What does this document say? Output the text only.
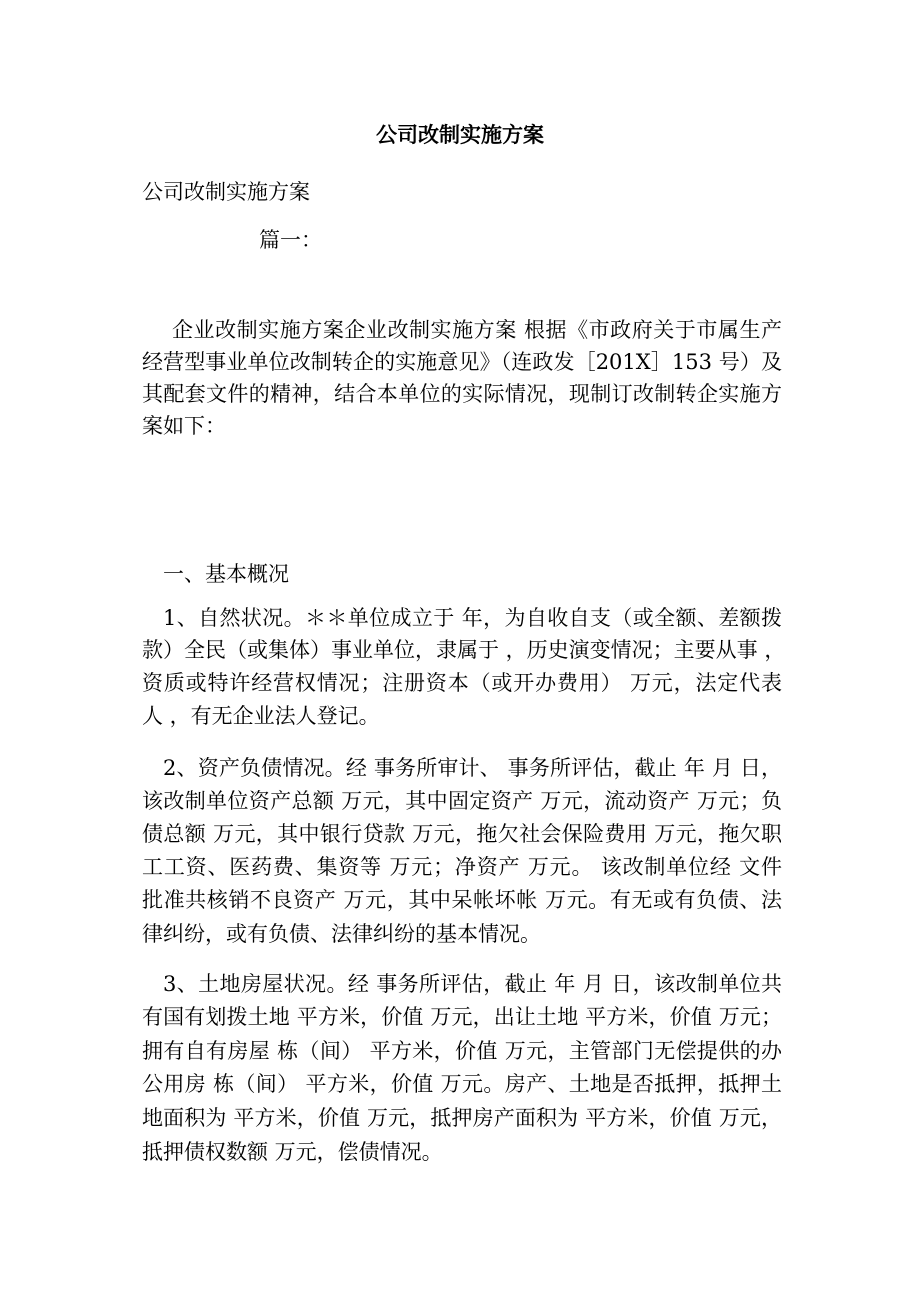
公司改制实施方案
公司改制实施方案
篇一：
企业改制实施方案企业改制实施方案 根据《市政府关于市属生产
经营型事业单位改制转企的实施意见》（连政发［201X］153 号）及
其配套文件的精神，结合本单位的实际情况，现制订改制转企实施方
案如下：
一、基本概况
1、自然状况。＊＊单位成立于 年，为自收自支（或全额、差额拨
款）全民（或集体）事业单位，隶属于 ，历史演变情况；主要从事 ，
资质或特许经营权情况；注册资本（或开办费用） 万元，法定代表
人 ，有无企业法人登记。
2、资产负债情况。经 事务所审计、 事务所评估，截止 年 月 日，
该改制单位资产总额 万元，其中固定资产 万元，流动资产 万元；负
债总额 万元，其中银行贷款 万元，拖欠社会保险费用 万元，拖欠职
工工资、医药费、集资等 万元；净资产 万元。 该改制单位经 文件
批准共核销不良资产 万元，其中呆帐坏帐 万元。有无或有负债、法
律纠纷，或有负债、法律纠纷的基本情况。
3、土地房屋状况。经 事务所评估，截止 年 月 日，该改制单位共
有国有划拨土地 平方米，价值 万元，出让土地 平方米，价值 万元；
拥有自有房屋 栋（间） 平方米，价值 万元，主管部门无偿提供的办
公用房 栋（间） 平方米，价值 万元。房产、土地是否抵押，抵押土
地面积为 平方米，价值 万元，抵押房产面积为 平方米，价值 万元，
抵押债权数额 万元，偿债情况。
